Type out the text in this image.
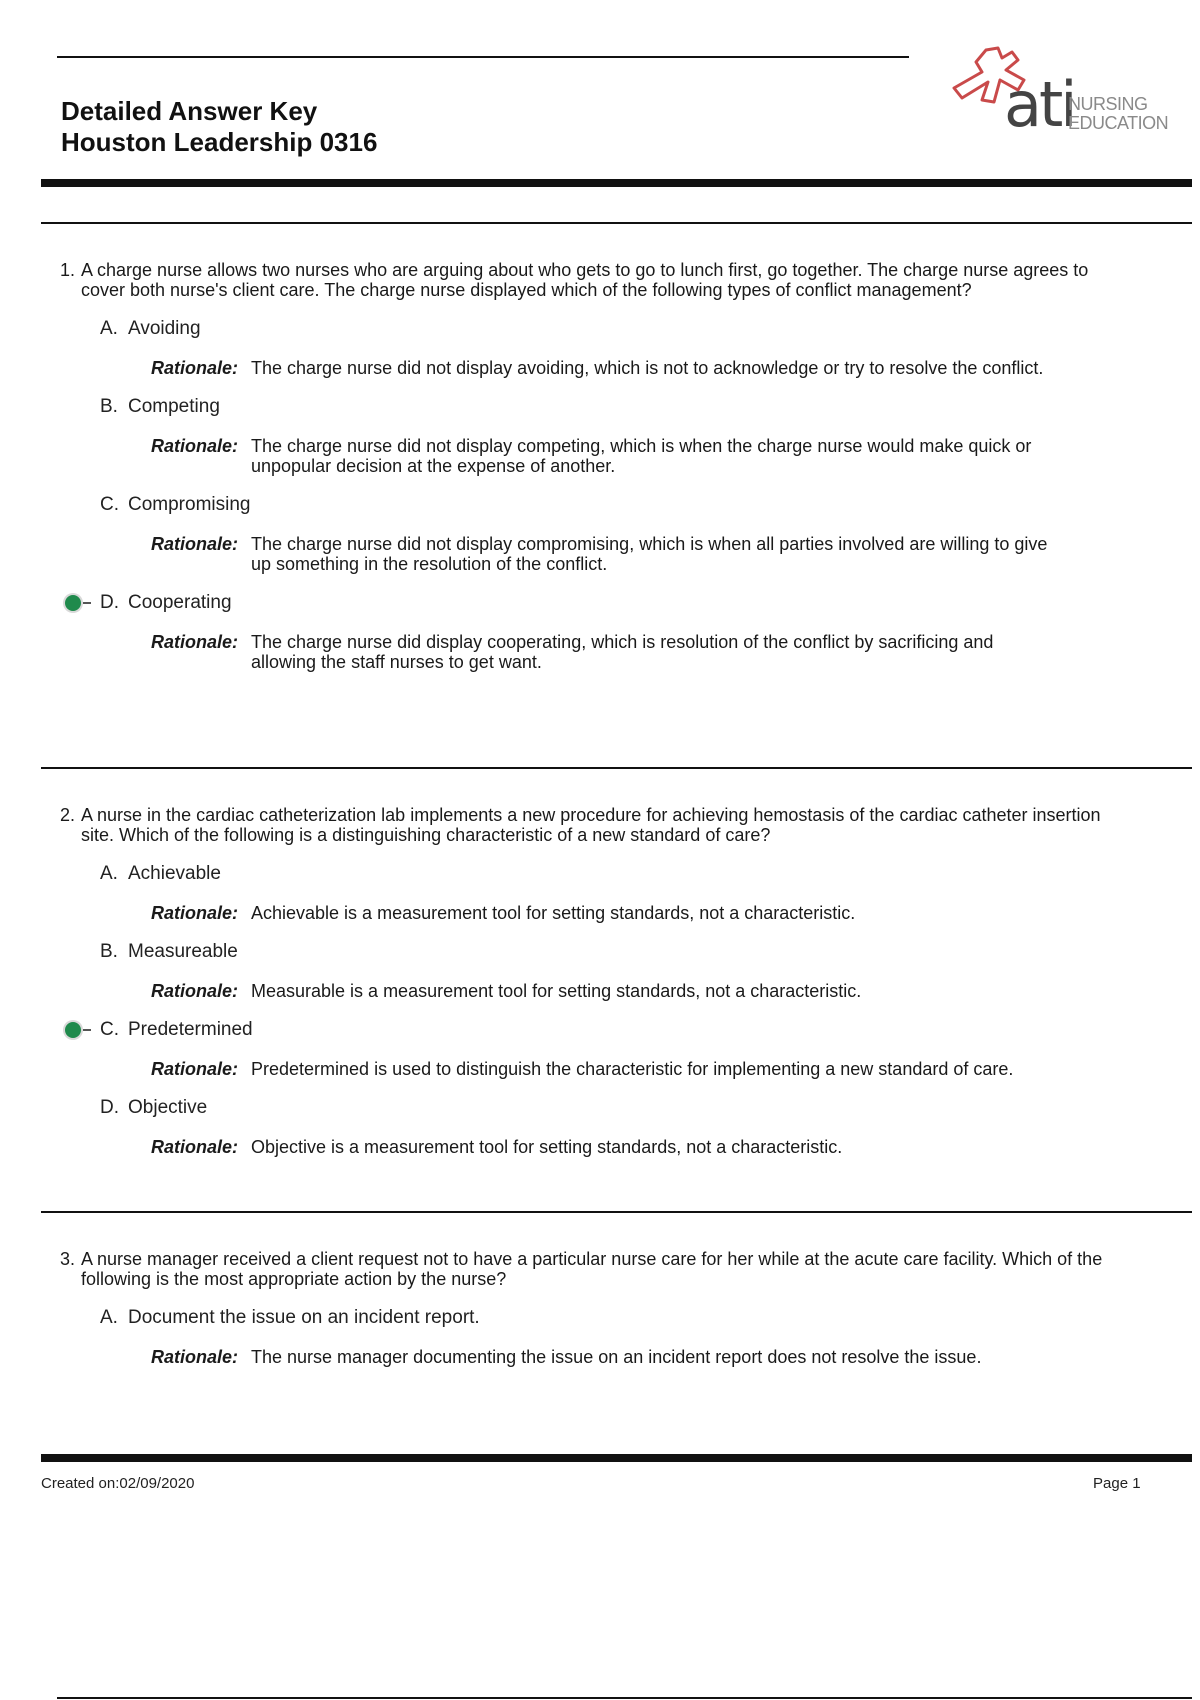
Detailed Answer Key
Houston Leadership 0316
ati
NURSING
EDUCATION
1. A charge nurse allows two nurses who are arguing about who gets to go to lunch first, go together. The charge nurse agrees to cover both nurse's client care. The charge nurse displayed which of the following types of conflict management?
A. Avoiding
Rationale: The charge nurse did not display avoiding, which is not to acknowledge or try to resolve the conflict.
B. Competing
Rationale: The charge nurse did not display competing, which is when the charge nurse would make quick or unpopular decision at the expense of another.
C. Compromising
Rationale: The charge nurse did not display compromising, which is when all parties involved are willing to give up something in the resolution of the conflict.
D. Cooperating
Rationale: The charge nurse did display cooperating, which is resolution of the conflict by sacrificing and allowing the staff nurses to get want.
2. A nurse in the cardiac catheterization lab implements a new procedure for achieving hemostasis of the cardiac catheter insertion site. Which of the following is a distinguishing characteristic of a new standard of care?
A. Achievable
Rationale: Achievable is a measurement tool for setting standards, not a characteristic.
B. Measureable
Rationale: Measurable is a measurement tool for setting standards, not a characteristic.
C. Predetermined
Rationale: Predetermined is used to distinguish the characteristic for implementing a new standard of care.
D. Objective
Rationale: Objective is a measurement tool for setting standards, not a characteristic.
3. A nurse manager received a client request not to have a particular nurse care for her while at the acute care facility. Which of the following is the most appropriate action by the nurse?
A. Document the issue on an incident report.
Rationale: The nurse manager documenting the issue on an incident report does not resolve the issue.
Created on:02/09/2020	Page 1
